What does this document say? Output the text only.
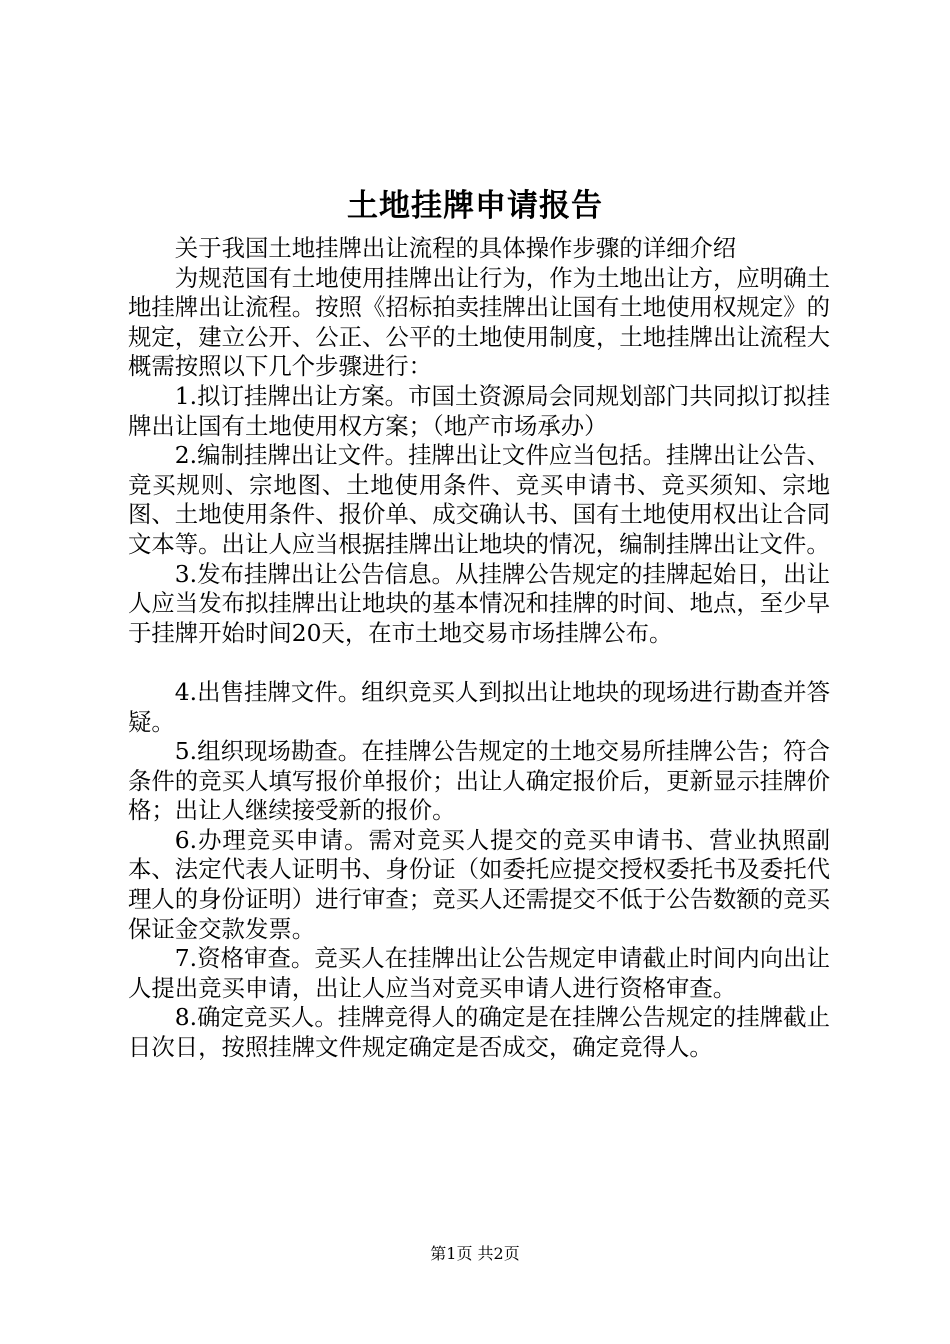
土地挂牌申请报告

关于我国土地挂牌出让流程的具体操作步骤的详细介绍

为规范国有土地使用挂牌出让行为，作为土地出让方，应明确土地挂牌出让流程。按照《招标拍卖挂牌出让国有土地使用权规定》的规定，建立公开、公正、公平的土地使用制度，土地挂牌出让流程大概需按照以下几个步骤进行：

1.拟订挂牌出让方案。市国土资源局会同规划部门共同拟订拟挂牌出让国有土地使用权方案；（地产市场承办）

2.编制挂牌出让文件。挂牌出让文件应当包括。挂牌出让公告、竞买规则、宗地图、土地使用条件、竞买申请书、竞买须知、宗地图、土地使用条件、报价单、成交确认书、国有土地使用权出让合同文本等。出让人应当根据挂牌出让地块的情况，编制挂牌出让文件。

3.发布挂牌出让公告信息。从挂牌公告规定的挂牌起始日，出让人应当发布拟挂牌出让地块的基本情况和挂牌的时间、地点，至少早于挂牌开始时间20天，在市土地交易市场挂牌公布。

4.出售挂牌文件。组织竞买人到拟出让地块的现场进行勘查并答疑。

5.组织现场勘查。在挂牌公告规定的土地交易所挂牌公告；符合条件的竞买人填写报价单报价；出让人确定报价后，更新显示挂牌价格；出让人继续接受新的报价。

6.办理竞买申请。需对竞买人提交的竞买申请书、营业执照副本、法定代表人证明书、身份证（如委托应提交授权委托书及委托代理人的身份证明）进行审查；竞买人还需提交不低于公告数额的竞买保证金交款发票。

7.资格审查。竞买人在挂牌出让公告规定申请截止时间内向出让人提出竞买申请，出让人应当对竞买申请人进行资格审查。

8.确定竞买人。挂牌竞得人的确定是在挂牌公告规定的挂牌截止日次日，按照挂牌文件规定确定是否成交，确定竞得人。

第1页 共2页
